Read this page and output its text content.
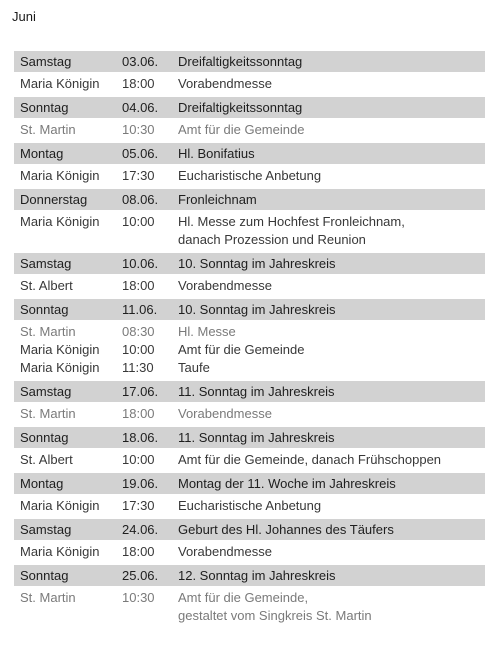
Juni
Samstag	03.06.	Dreifaltigkeitssonntag
Maria Königin	18:00	Vorabendmesse
Sonntag	04.06.	Dreifaltigkeitssonntag
St. Martin	10:30	Amt für die Gemeinde
Montag	05.06.	Hl. Bonifatius
Maria Königin	17:30	Eucharistische Anbetung
Donnerstag	08.06.	Fronleichnam
Maria Königin	10:00	Hl. Messe zum Hochfest Fronleichnam,
danach Prozession und Reunion
Samstag	10.06.	10. Sonntag im Jahreskreis
St. Albert	18:00	Vorabendmesse
Sonntag	11.06.	10. Sonntag im Jahreskreis
St. Martin	08:30	Hl. Messe
Maria Königin	10:00	Amt für die Gemeinde
Maria Königin	11:30	Taufe
Samstag	17.06.	11. Sonntag im Jahreskreis
St. Martin	18:00	Vorabendmesse
Sonntag	18.06.	11. Sonntag im Jahreskreis
St. Albert	10:00	Amt für die Gemeinde, danach Frühschoppen
Montag	19.06.	Montag der 11. Woche im Jahreskreis
Maria Königin	17:30	Eucharistische Anbetung
Samstag	24.06.	Geburt des Hl. Johannes des Täufers
Maria Königin	18:00	Vorabendmesse
Sonntag	25.06.	12. Sonntag im Jahreskreis
St. Martin	10:30	Amt für die Gemeinde,
gestaltet vom Singkreis St. Martin
